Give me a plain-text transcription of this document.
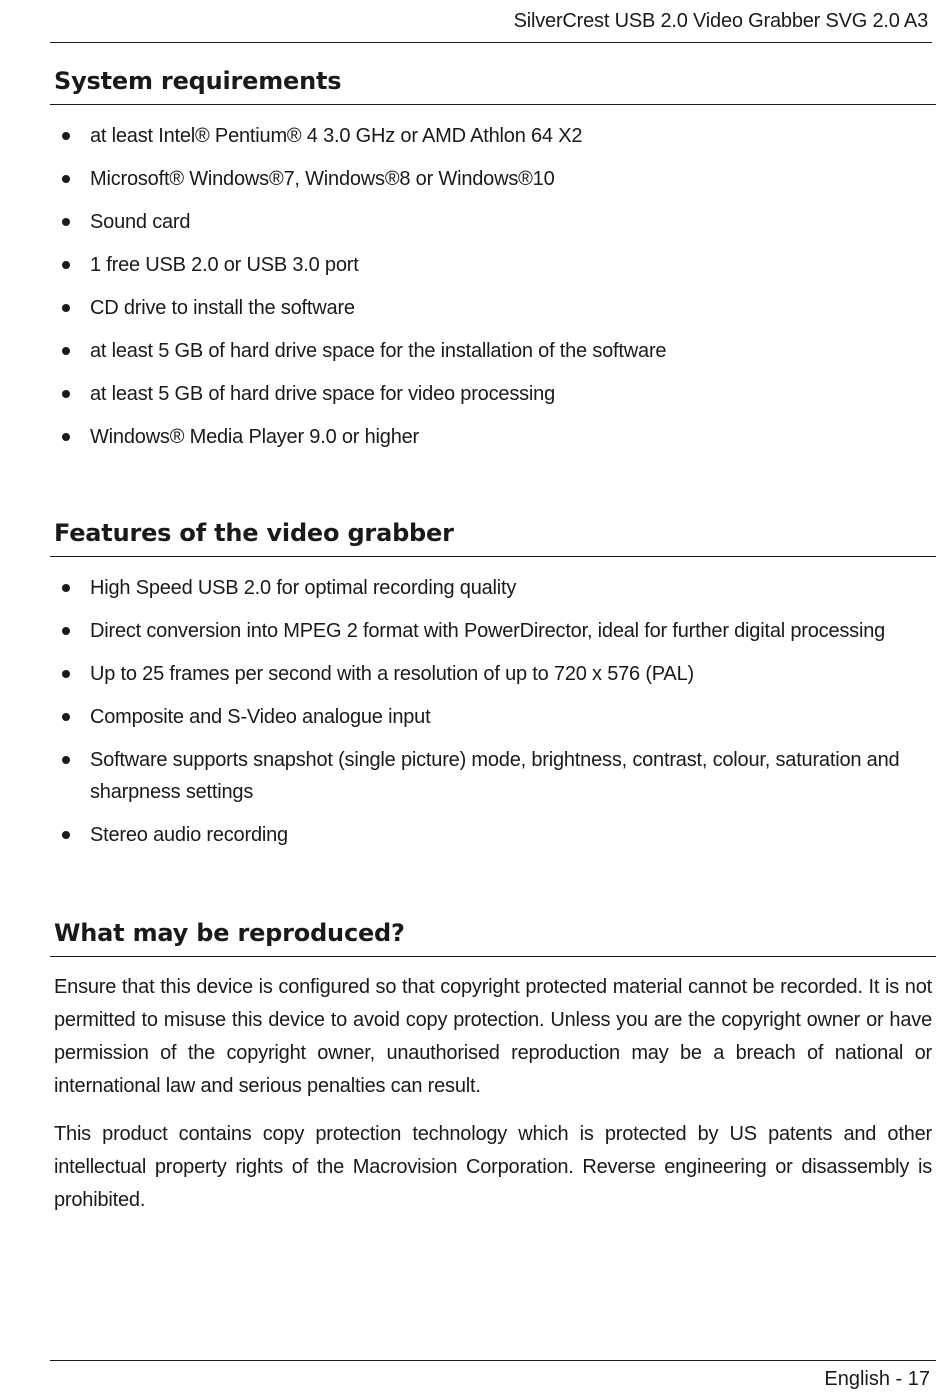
SilverCrest USB 2.0 Video Grabber SVG 2.0 A3
System requirements
at least Intel® Pentium® 4 3.0 GHz or AMD Athlon 64 X2
Microsoft® Windows®7, Windows®8 or Windows®10
Sound card
1 free USB 2.0 or USB 3.0 port
CD drive to install the software
at least 5 GB of hard drive space for the installation of the software
at least 5 GB of hard drive space for video processing
Windows® Media Player 9.0 or higher
Features of the video grabber
High Speed USB 2.0 for optimal recording quality
Direct conversion into MPEG 2 format with PowerDirector, ideal for further digital processing
Up to 25 frames per second with a resolution of up to 720 x 576 (PAL)
Composite and S-Video analogue input
Software supports snapshot (single picture) mode, brightness, contrast, colour, saturation and sharpness settings
Stereo audio recording
What may be reproduced?

Ensure that this device is configured so that copyright protected material cannot be recorded. It is not permitted to misuse this device to avoid copy protection. Unless you are the copyright owner or have permission of the copyright owner, unauthorised reproduction may be a breach of national or international law and serious penalties can result.

This product contains copy protection technology which is protected by US patents and other intellectual property rights of the Macrovision Corporation. Reverse engineering or disassembly is prohibited.

English - 17
